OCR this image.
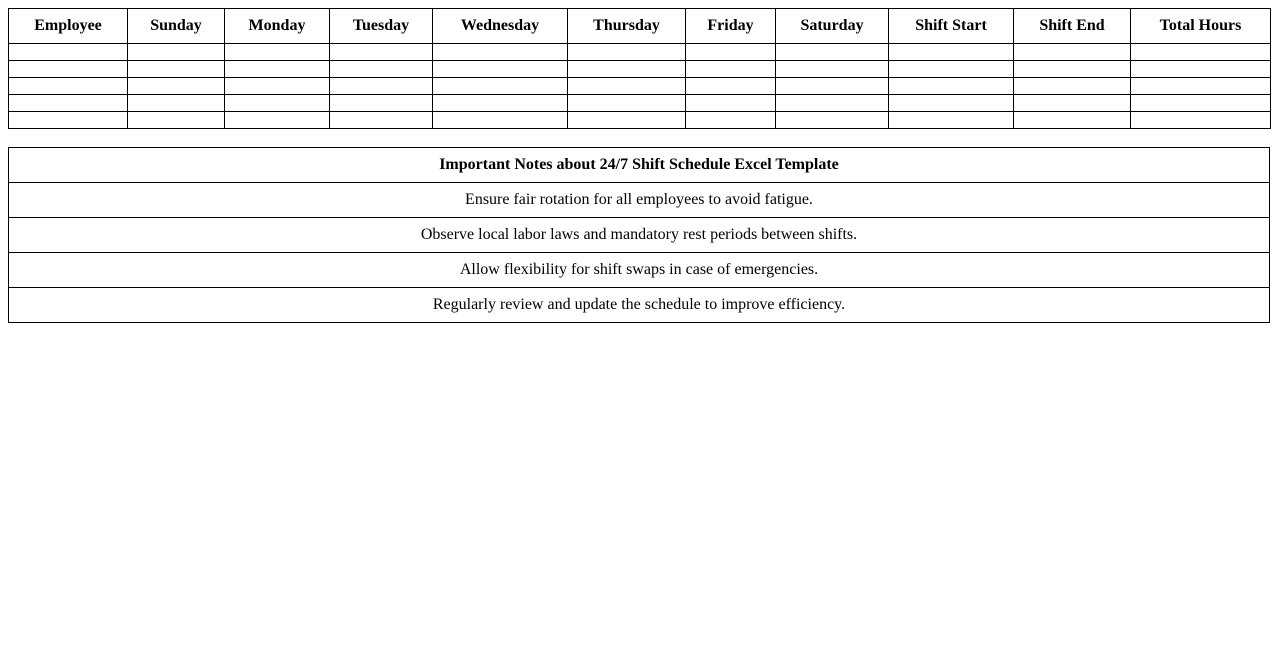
Employee	Sunday	Monday	Tuesday	Wednesday	Thursday	Friday	Saturday	Shift Start	Shift End	Total Hours

Important Notes about 24/7 Shift Schedule Excel Template
Ensure fair rotation for all employees to avoid fatigue.
Observe local labor laws and mandatory rest periods between shifts.
Allow flexibility for shift swaps in case of emergencies.
Regularly review and update the schedule to improve efficiency.
